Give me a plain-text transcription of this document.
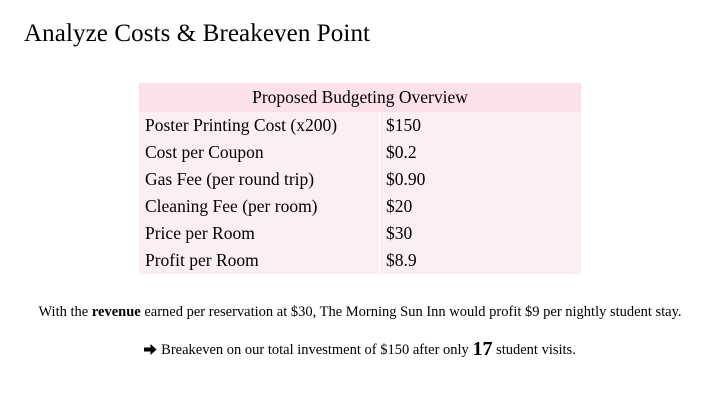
Analyze Costs & Breakeven Point
Proposed Budgeting Overview	
Poster Printing Cost (x200)	$150
Cost per Coupon	$0.2
Gas Fee (per round trip)	$0.90
Cleaning Fee (per room)	$20
Price per Room	$30
Profit per Room	$8.9

With the revenue earned per reservation at $30, The Morning Sun Inn would profit $9 per nightly student stay.

Breakeven on our total investment of $150 after only 17 student visits.
